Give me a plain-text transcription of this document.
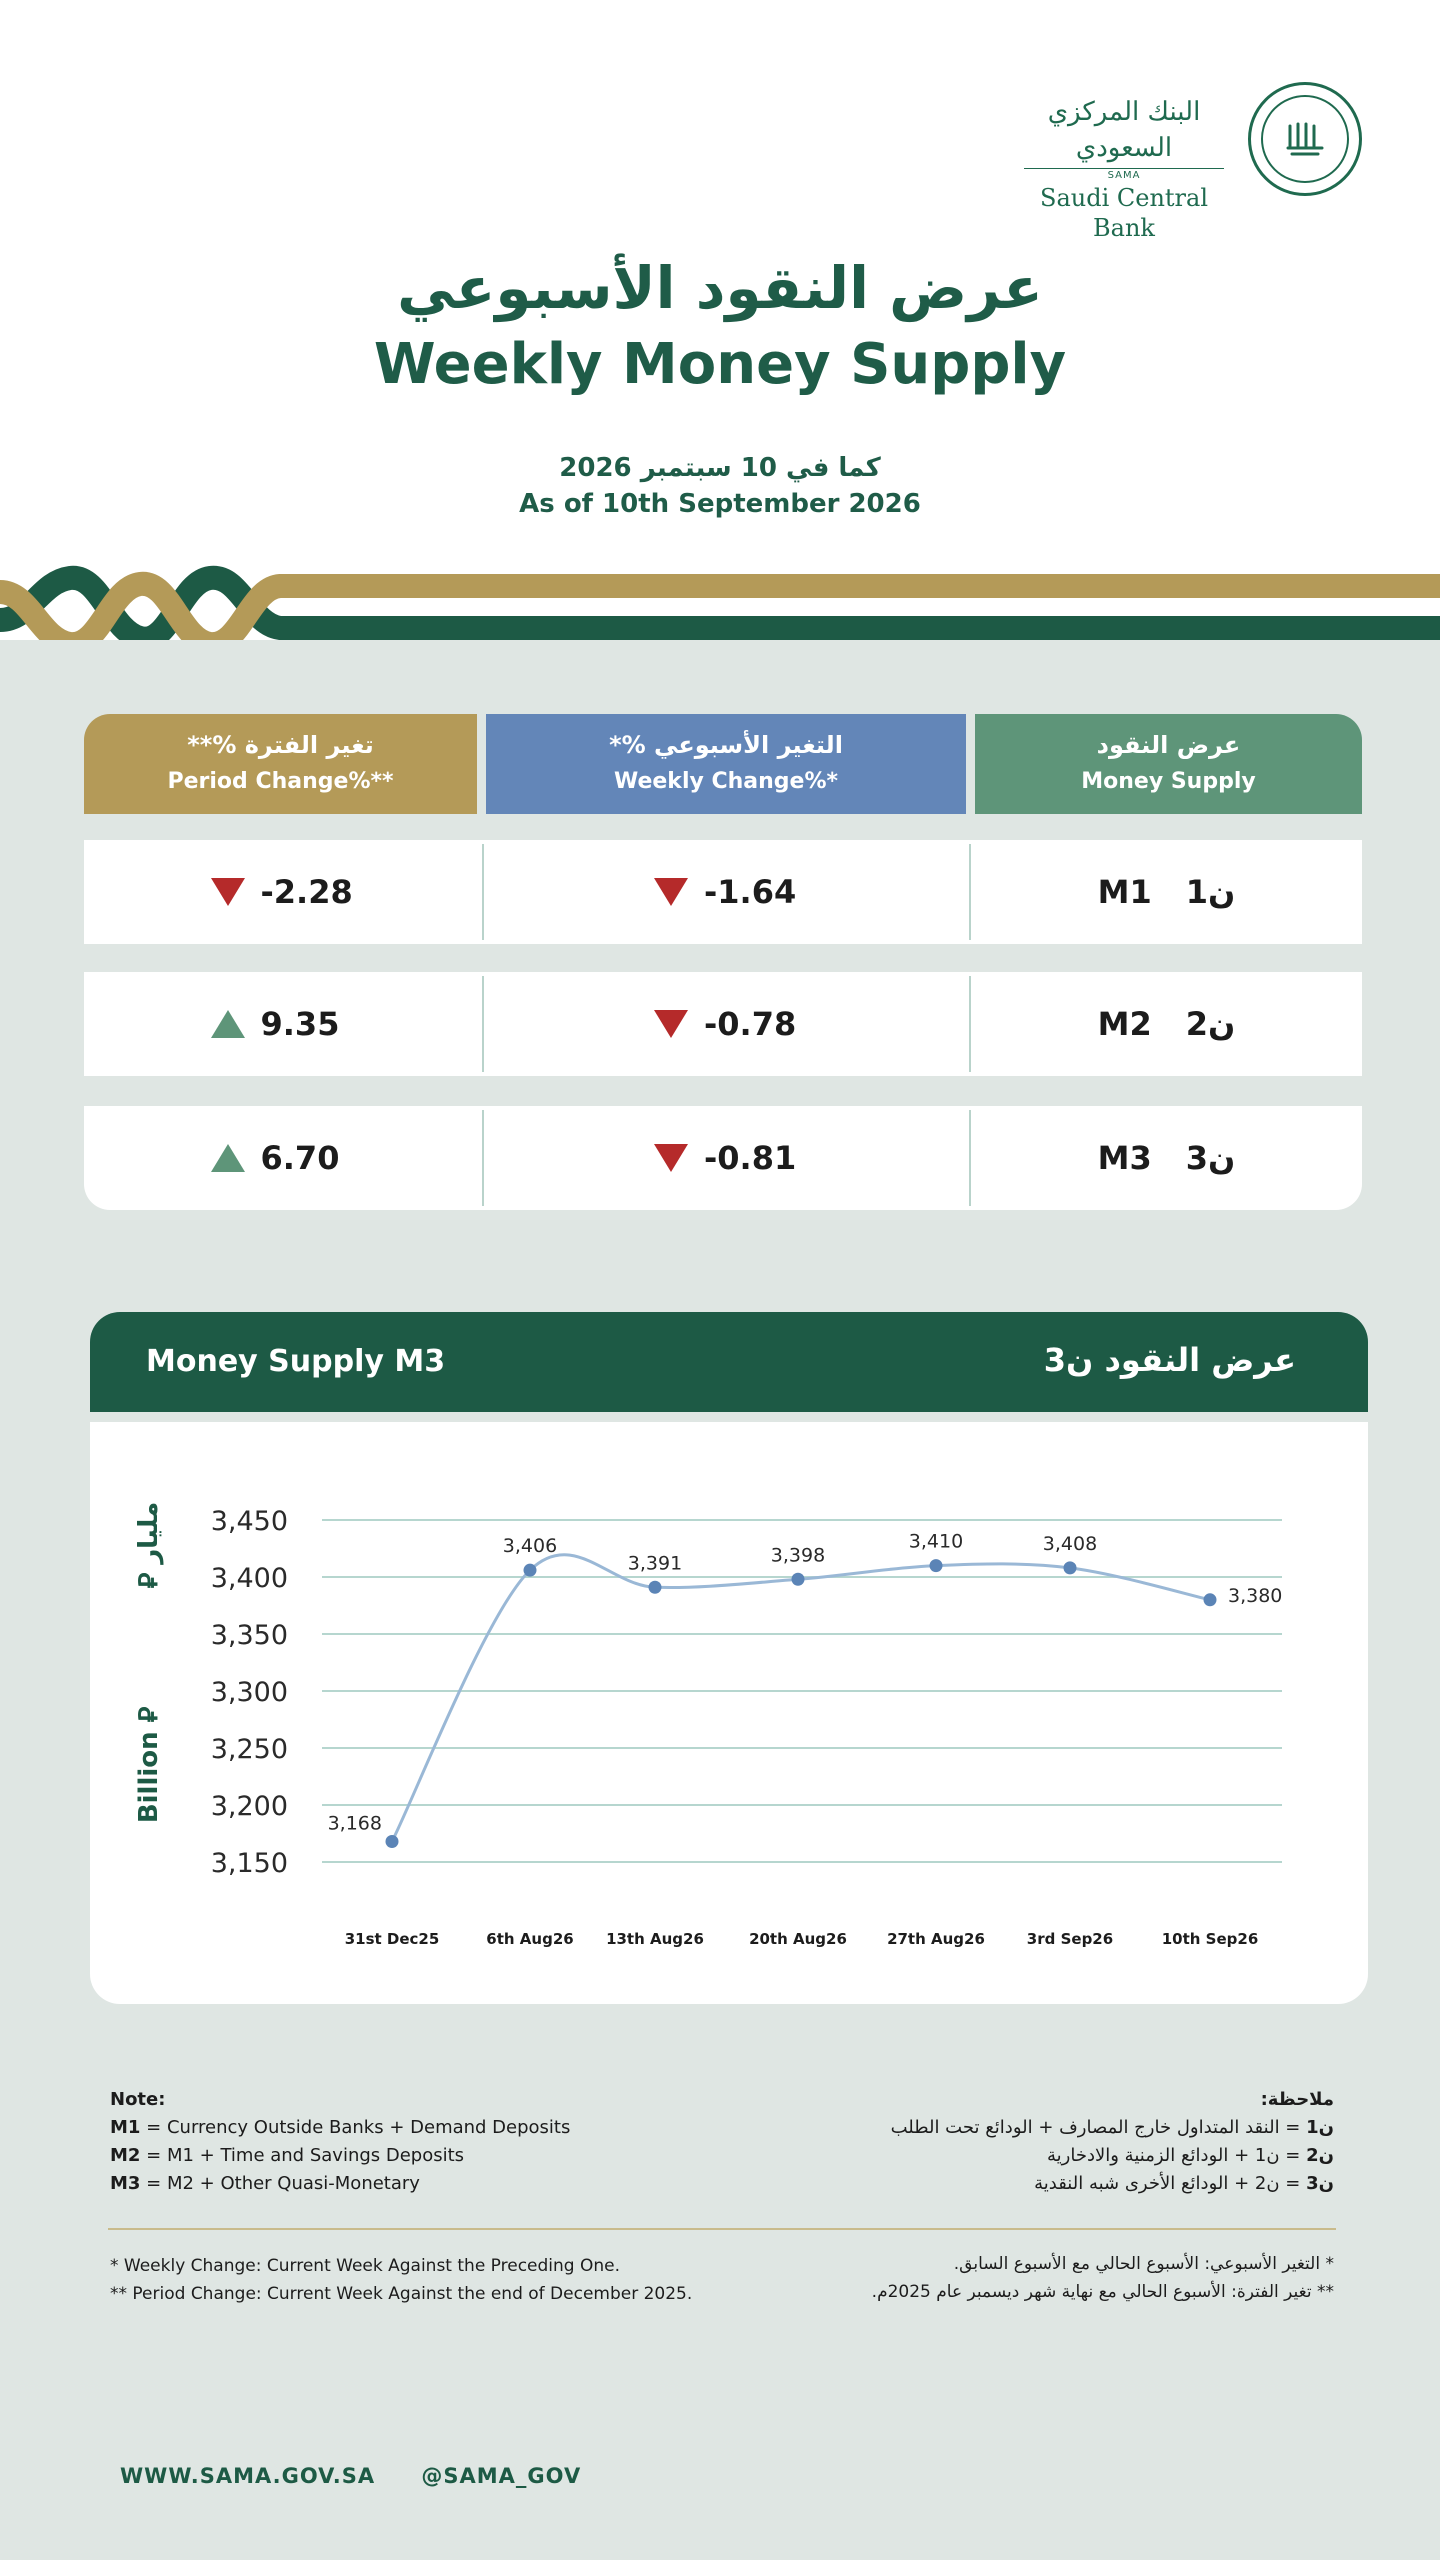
البنك المركزي السعودي
SAMA
Saudi Central Bank
عرض النقود الأسبوعي
Weekly Money Supply
كما في 10 سبتمبر 2026
As of 10th September 2026
تغير الفترة %**
Period Change%**
التغير الأسبوعي %*
Weekly Change%*
عرض النقود
Money Supply
-2.28	-1.64	M1 ن1
9.35	-0.78	M2 ن2
6.70	-0.81	M3 ن3
Money Supply M3	عرض النقود ن3
3,450
3,400
3,350
3,300
3,250
3,200
3,150
3,168
31st Dec25
3,406
6th Aug26
3,391
13th Aug26
3,398
20th Aug26
3,410
27th Aug26
3,408
3rd Sep26
3,380
10th Sep26
مليار ⃁
Billion ⃁
Note:
M1 = Currency Outside Banks + Demand Deposits
M2 = M1 + Time and Savings Deposits
M3 = M2 + Other Quasi-Monetary
ملاحظة:
ن1 = النقد المتداول خارج المصارف + الودائع تحت الطلب
ن2 = ن1 + الودائع الزمنية والادخارية
ن3 = ن2 + الودائع الأخرى شبه النقدية
* Weekly Change: Current Week Against the Preceding One.
** Period Change: Current Week Against the end of December 2025.
* التغير الأسبوعي: الأسبوع الحالي مع الأسبوع السابق.
** تغير الفترة: الأسبوع الحالي مع نهاية شهر ديسمبر عام 2025م.
WWW.SAMA.GOV.SA @SAMA_GOV
